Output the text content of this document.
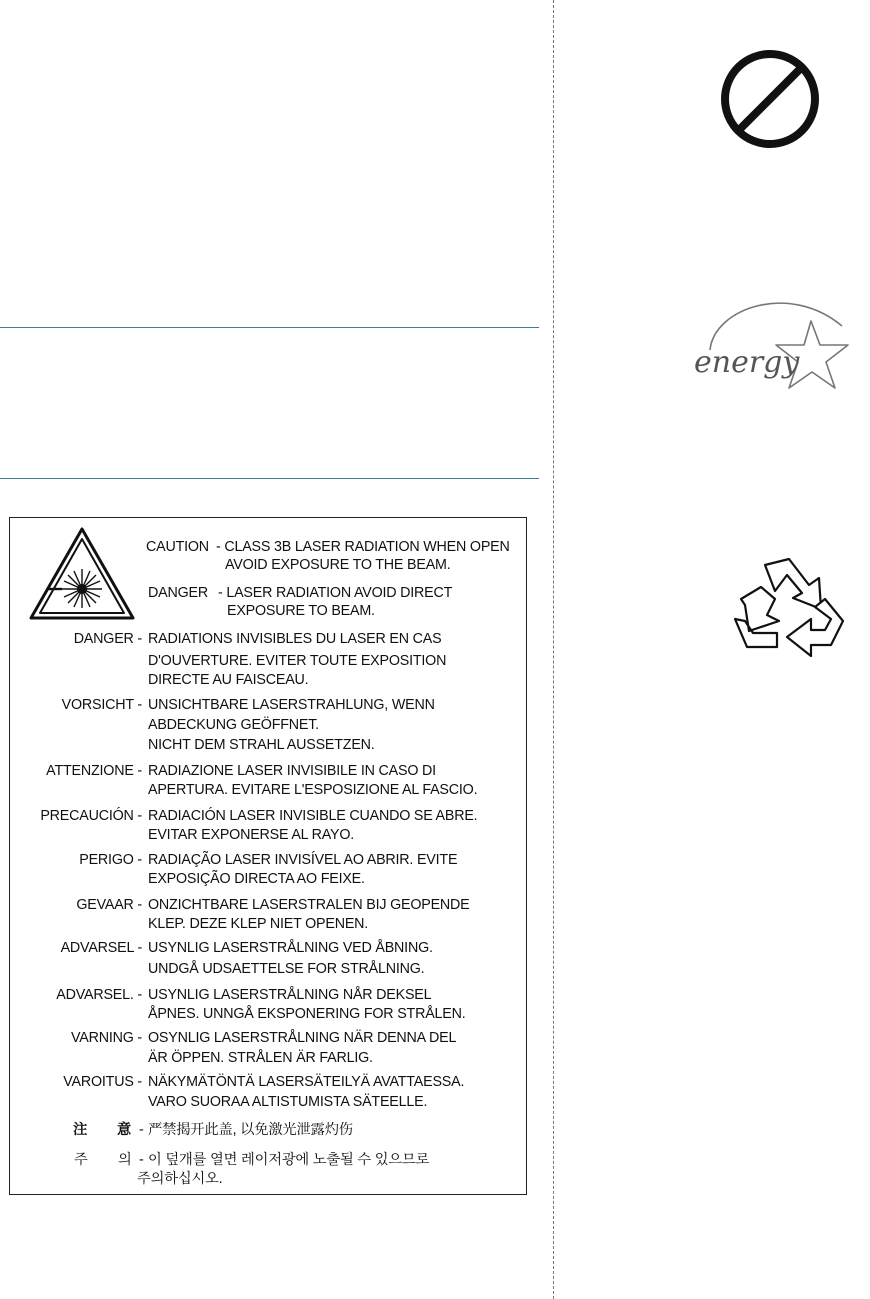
CAUTION - CLASS 3B LASER RADIATION WHEN OPEN
AVOID EXPOSURE TO THE BEAM.
DANGER - LASER RADIATION AVOID DIRECT
EXPOSURE TO BEAM.
DANGER - RADIATIONS INVISIBLES DU LASER EN CAS
D'OUVERTURE. EVITER TOUTE EXPOSITION
DIRECTE AU FAISCEAU.
VORSICHT - UNSICHTBARE LASERSTRAHLUNG, WENN
ABDECKUNG GEÖFFNET.
NICHT DEM STRAHL AUSSETZEN.
ATTENZIONE - RADIAZIONE LASER INVISIBILE IN CASO DI
APERTURA. EVITARE L'ESPOSIZIONE AL FASCIO.
PRECAUCIÓN - RADIACIÓN LASER INVISIBLE CUANDO SE ABRE.
EVITAR EXPONERSE AL RAYO.
PERIGO - RADIAÇÃO LASER INVISÍVEL AO ABRIR. EVITE
EXPOSIÇÃO DIRECTA AO FEIXE.
GEVAAR - ONZICHTBARE LASERSTRALEN BIJ GEOPENDE
KLEP. DEZE KLEP NIET OPENEN.
ADVARSEL - USYNLIG LASERSTRÅLNING VED ÅBNING.
UNDGÅ UDSAETTELSE FOR STRÅLNING.
ADVARSEL. - USYNLIG LASERSTRÅLNING NÅR DEKSEL
ÅPNES. UNNGÅ EKSPONERING FOR STRÅLEN.
VARNING - OSYNLIG LASERSTRÅLNING NÄR DENNA DEL
ÄR ÖPPEN. STRÅLEN ÄR FARLIG.
VAROITUS - NÄKYMÄTÖNTÄ LASERSÄTEILYÄ AVATTAESSA.
VARO SUORAA ALTISTUMISTA SÄTEELLE.
注 意 - 严禁揭开此盖, 以免激光泄露灼伤
주 의 - 이 덮개를 열면 레이저광에 노출될 수 있으므로
주의하십시오.
energy
